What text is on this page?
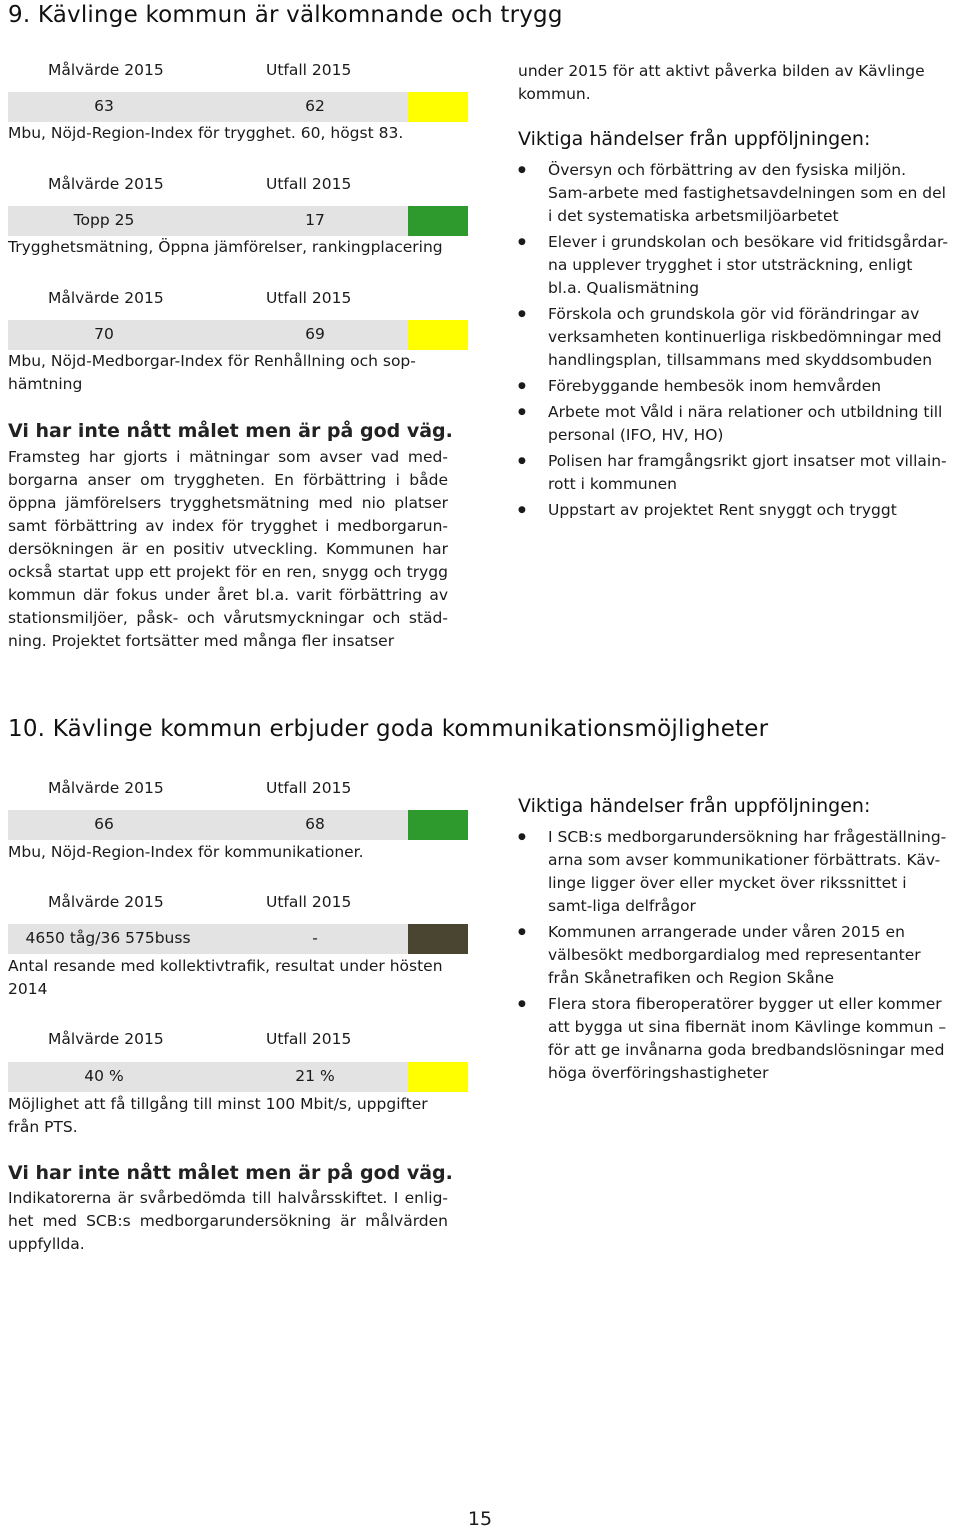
9. Kävlinge kommun är välkomnande och trygg
Målvärde 2015	Utfall 2015
63	62
Mbu, Nöjd-Region-Index för trygghet. 60, högst 83.
Målvärde 2015	Utfall 2015
Topp 25	17
Trygghetsmätning, Öppna jämförelser, rankingplacering
Målvärde 2015	Utfall 2015
70	69
Mbu, Nöjd-Medborgar-Index för Renhållning och sop-hämtning
Vi har inte nått målet men är på god väg.
Framsteg har gjorts i mätningar som avser vad med-borgarna anser om tryggheten. En förbättring i både öppna jämförelsers trygghetsmätning med nio platser samt förbättring av index för trygghet i medborgarun-dersökningen är en positiv utveckling. Kommunen har också startat upp ett projekt för en ren, snygg och trygg kommun där fokus under året bl.a. varit förbättring av stationsmiljöer, påsk- och vårutsmyckningar och städ-ning. Projektet fortsätter med många fler insatser
under 2015 för att aktivt påverka bilden av Kävlinge kommun.
Viktiga händelser från uppföljningen:
● Översyn och förbättring av den fysiska miljön. Sam-arbete med fastighetsavdelningen som en del i det systematiska arbetsmiljöarbetet
● Elever i grundskolan och besökare vid fritidsgårdar-na upplever trygghet i stor utsträckning, enligt bl.a. Qualismätning
● Förskola och grundskola gör vid förändringar av verksamheten kontinuerliga riskbedömningar med handlingsplan, tillsammans med skyddsombuden
● Förebyggande hembesök inom hemvården
● Arbete mot Våld i nära relationer och utbildning till personal (IFO, HV, HO)
● Polisen har framgångsrikt gjort insatser mot villain-rott i kommunen
● Uppstart av projektet Rent snyggt och tryggt
10. Kävlinge kommun erbjuder goda kommunikationsmöjligheter
Målvärde 2015	Utfall 2015
66	68
Mbu, Nöjd-Region-Index för kommunikationer.
Målvärde 2015	Utfall 2015
4650 tåg/36 575buss	-
Antal resande med kollektivtrafik, resultat under hösten 2014
Målvärde 2015	Utfall 2015
40 %	21 %
Möjlighet att få tillgång till minst 100 Mbit/s, uppgifter från PTS.
Vi har inte nått målet men är på god väg.
Indikatorerna är svårbedömda till halvårsskiftet. I enlig-het med SCB:s medborgarundersökning är målvärden uppfyllda.
Viktiga händelser från uppföljningen:
● I SCB:s medborgarundersökning har frågeställning-arna som avser kommunikationer förbättrats. Käv-linge ligger över eller mycket över rikssnittet i samt-liga delfrågor
● Kommunen arrangerade under våren 2015 en välbesökt medborgardialog med representanter från Skånetrafiken och Region Skåne
● Flera stora fiberoperatörer bygger ut eller kommer att bygga ut sina fibernät inom Kävlinge kommun – för att ge invånarna goda bredbandslösningar med höga överföringshastigheter
15
